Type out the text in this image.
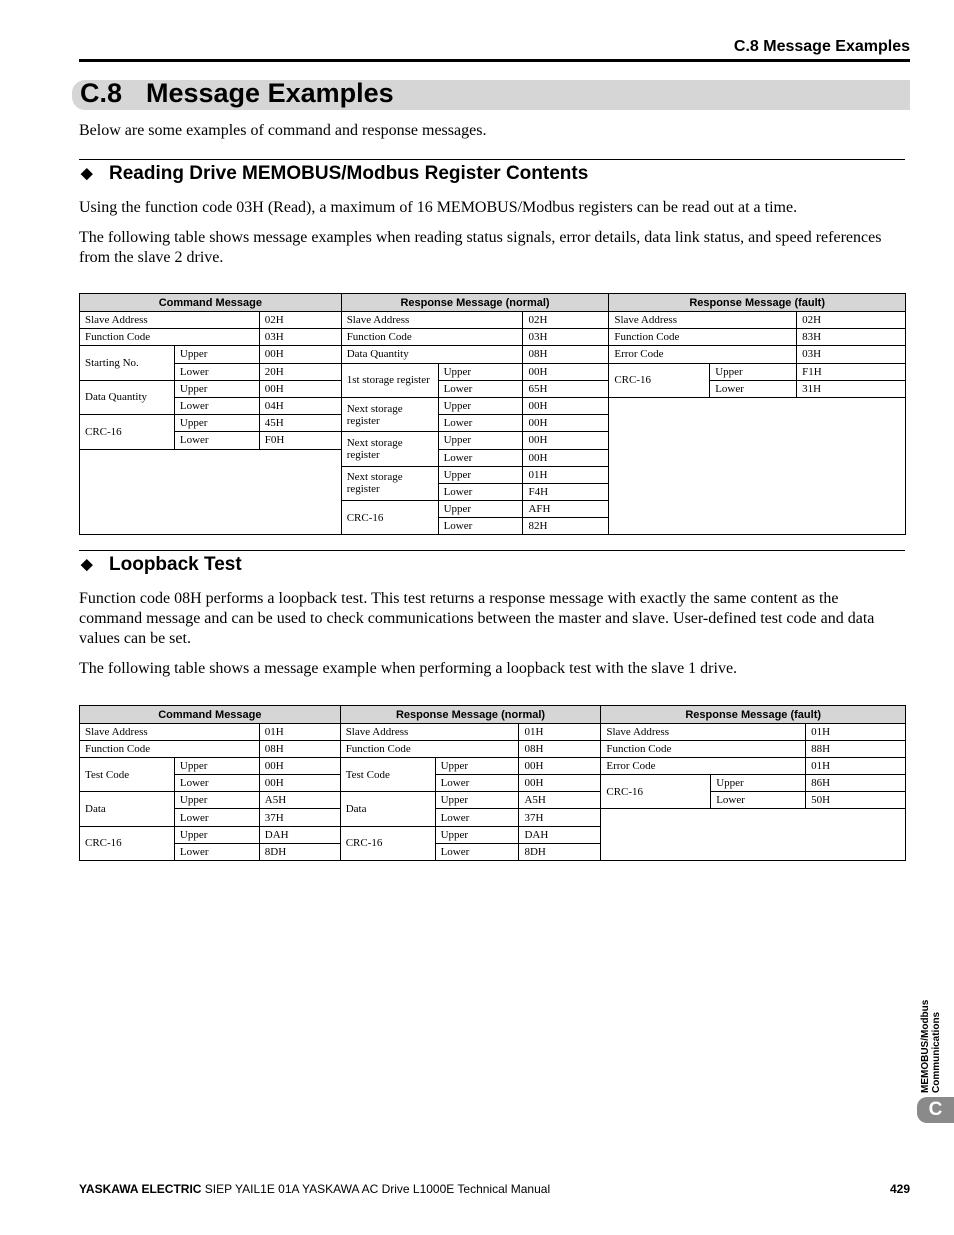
C.8 Message Examples
C.8 Message Examples
Below are some examples of command and response messages.
◆ Reading Drive MEMOBUS/Modbus Register Contents
Using the function code 03H (Read), a maximum of 16 MEMOBUS/Modbus registers can be read out at a time.
The following table shows message examples when reading status signals, error details, data link status, and speed references from the slave 2 drive.
Command Message			Response Message (normal)			Response Message (fault)		
Slave Address		02H	Slave Address		02H	Slave Address		02H
Function Code		03H	Function Code		03H	Function Code		83H
Starting No.	Upper	00H	Data Quantity		08H	Error Code		03H
	Lower	20H	1st storage register	Upper	00H	CRC-16	Upper	F1H
Data Quantity	Upper	00H		Lower	65H		Lower	31H
	Lower	04H	Next storage register	Upper	00H			
CRC-16	Upper	45H		Lower	00H			
	Lower	F0H	Next storage register	Upper	00H			
				Lower	00H			
			Next storage register	Upper	01H			
				Lower	F4H			
			CRC-16	Upper	AFH			
				Lower	82H			
◆ Loopback Test
Function code 08H performs a loopback test. This test returns a response message with exactly the same content as the command message and can be used to check communications between the master and slave. User-defined test code and data values can be set.
The following table shows a message example when performing a loopback test with the slave 1 drive.
Command Message			Response Message (normal)			Response Message (fault)		
Slave Address		01H	Slave Address		01H	Slave Address		01H
Function Code		08H	Function Code		08H	Function Code		88H
Test Code	Upper	00H	Test Code	Upper	00H	Error Code		01H
	Lower	00H		Lower	00H	CRC-16	Upper	86H
Data	Upper	A5H	Data	Upper	A5H		Lower	50H
	Lower	37H		Lower	37H			
CRC-16	Upper	DAH	CRC-16	Upper	DAH			
	Lower	8DH		Lower	8DH			
MEMOBUS/Modbus Communications
C
YASKAWA ELECTRIC SIEP YAIL1E 01A YASKAWA AC Drive L1000E Technical Manual	429
